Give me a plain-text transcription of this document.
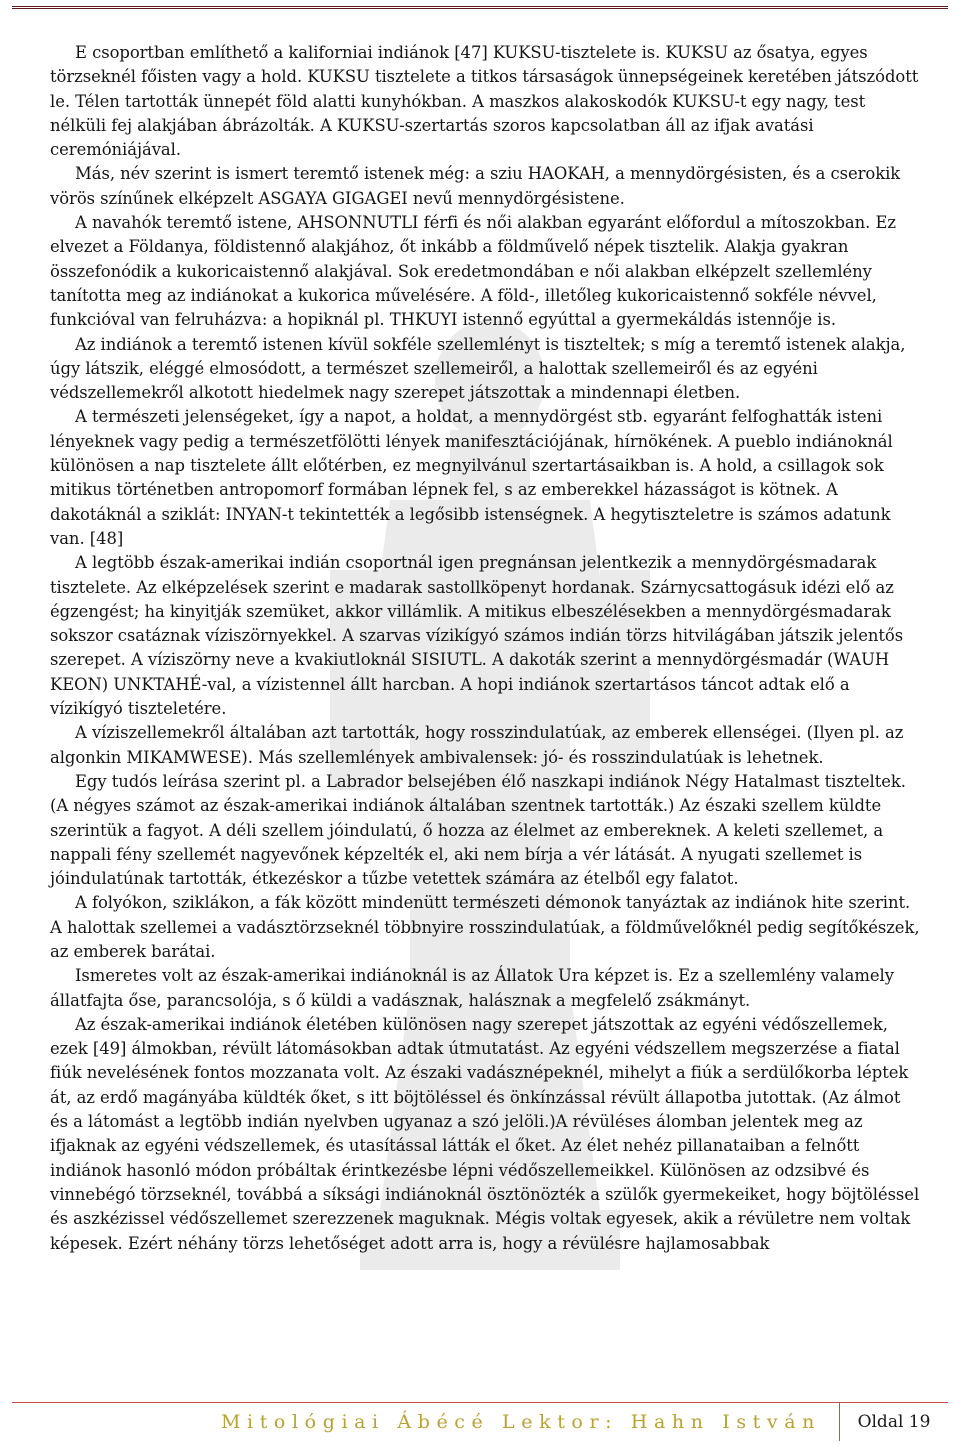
E csoportban említhető a kaliforniai indiánok [47] KUKSU-tisztelete is. KUKSU az ősatya, egyes törzseknél főisten vagy a hold. KUKSU tisztelete a titkos társaságok ünnepségeinek keretében játszódott le. Télen tartották ünnepét föld alatti kunyhókban. A maszkos alakoskodók KUKSU-t egy nagy, test nélküli fej alakjában ábrázolták. A KUKSU-szertartás szoros kapcsolatban áll az ifjak avatási ceremóniájával.

Más, név szerint is ismert teremtő istenek még: a sziu HAOKAH, a mennydörgésisten, és a cserokik vörös színűnek elképzelt ASGAYA GIGAGEI nevű mennydörgésistene.

A navahók teremtő istene, AHSONNUTLI férfi és női alakban egyaránt előfordul a mítoszokban. Ez elvezet a Földanya, földistennő alakjához, őt inkább a földművelő népek tisztelik. Alakja gyakran összefonódik a kukoricaistennő alakjával. Sok eredetmondában e női alakban elképzelt szellemlény tanította meg az indiánokat a kukorica művelésére. A föld-, illetőleg kukoricaistennő sokféle névvel, funkcióval van felruházva: a hopiknál pl. THKUYI istennő egyúttal a gyermekáldás istennője is.

Az indiánok a teremtő istenen kívül sokféle szellemlényt is tiszteltek; s míg a teremtő istenek alakja, úgy látszik, eléggé elmosódott, a természet szellemeiről, a halottak szellemeiről és az egyéni védszellemekről alkotott hiedelmek nagy szerepet játszottak a mindennapi életben.

A természeti jelenségeket, így a napot, a holdat, a mennydörgést stb. egyaránt felfoghatták isteni lényeknek vagy pedig a természetfölötti lények manifesztációjának, hírnökének. A pueblo indiánoknál különösen a nap tisztelete állt előtérben, ez megnyilvánul szertartásaikban is. A hold, a csillagok sok mitikus történetben antropomorf formában lépnek fel, s az emberekkel házasságot is kötnek. A dakotáknál a sziklát: INYAN-t tekintették a legősibb istenségnek. A hegytiszteletre is számos adatunk van. [48]

A legtöbb észak-amerikai indián csoportnál igen pregnánsan jelentkezik a mennydörgésmadarak tisztelete. Az elképzelések szerint e madarak sastollköpenyt hordanak. Szárnycsattogásuk idézi elő az égzengést; ha kinyitják szemüket, akkor villámlik. A mitikus elbeszélésekben a mennydörgésmadarak sokszor csatáznak víziszörnyekkel. A szarvas vízikígyó számos indián törzs hitvilágában játszik jelentős szerepet. A víziszörny neve a kvakiutloknál SISIUTL. A dakoták szerint a mennydörgésmadár (WAUH KEON) UNKTAHÉ-val, a vízistennel állt harcban. A hopi indiánok szertartásos táncot adtak elő a vízikígyó tiszteletére.

A víziszellemekről általában azt tartották, hogy rosszindulatúak, az emberek ellenségei. (Ilyen pl. az algonkin MIKAMWESE). Más szellemlények ambivalensek: jó- és rosszindulatúak is lehetnek.

Egy tudós leírása szerint pl. a Labrador belsejében élő naszkapi indiánok Négy Hatalmast tiszteltek. (A négyes számot az észak-amerikai indiánok általában szentnek tartották.) Az északi szellem küldte szerintük a fagyot. A déli szellem jóindulatú, ő hozza az élelmet az embereknek. A keleti szellemet, a nappali fény szellemét nagyevőnek képzelték el, aki nem bírja a vér látását. A nyugati szellemet is jóindulatúnak tartották, étkezéskor a tűzbe vetettek számára az ételből egy falatot.

A folyókon, sziklákon, a fák között mindenütt természeti démonok tanyáztak az indiánok hite szerint. A halottak szellemei a vadásztörzseknél többnyire rosszindulatúak, a földművelőknél pedig segítőkészek, az emberek barátai.

Ismeretes volt az észak-amerikai indiánoknál is az Állatok Ura képzet is. Ez a szellemlény valamely állatfajta őse, parancsolója, s ő küldi a vadásznak, halásznak a megfelelő zsákmányt.

Az észak-amerikai indiánok életében különösen nagy szerepet játszottak az egyéni védőszellemek, ezek [49] álmokban, révült látomásokban adtak útmutatást. Az egyéni védszellem megszerzése a fiatal fiúk nevelésének fontos mozzanata volt. Az északi vadásznépeknél, mihelyt a fiúk a serdülőkorba léptek át, az erdő magányába küldték őket, s itt böjtöléssel és önkínzással révült állapotba jutottak. (Az álmot és a látomást a legtöbb indián nyelvben ugyanaz a szó jelöli.)A révüléses álomban jelentek meg az ifjaknak az egyéni védszellemek, és utasítással látták el őket. Az élet nehéz pillanataiban a felnőtt indiánok hasonló módon próbáltak érintkezésbe lépni védőszellemeikkel. Különösen az odzsibvé és vinnebégó törzseknél, továbbá a síksági indiánoknál ösztönözték a szülők gyermekeiket, hogy böjtöléssel és aszkézissel védőszellemet szerezzenek maguknak. Mégis voltak egyesek, akik a révületre nem voltak képesek. Ezért néhány törzs lehetőséget adott arra is, hogy a révülésre hajlamosabbak

Mitológiai Ábécé Lektor: Hahn István	Oldal 19
